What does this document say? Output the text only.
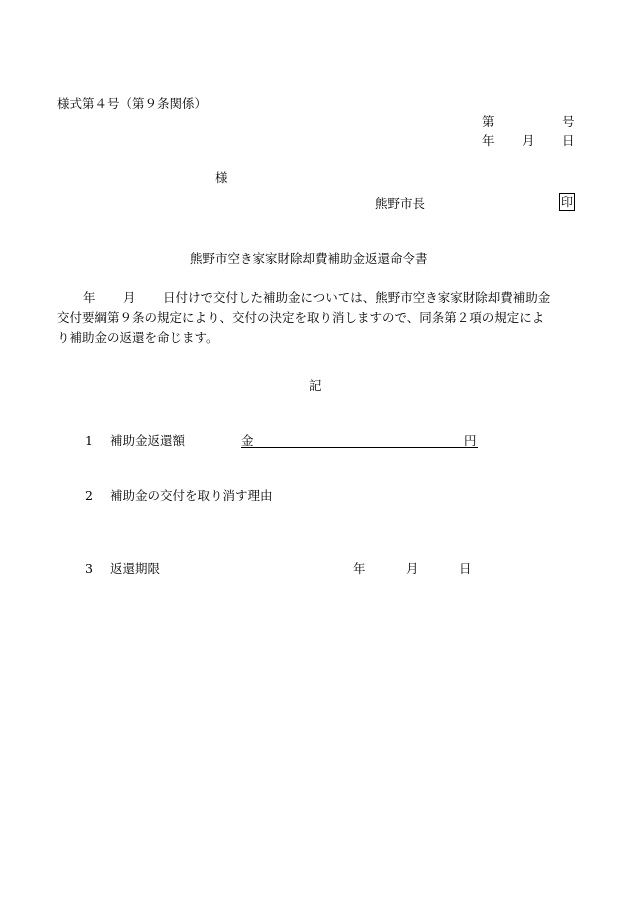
様式第４号（第９条関係）
第	号
年 月 日
様
熊野市長	印
熊野市空き家家財除却費補助金返還命令書
年 月 日付けで交付した補助金については、熊野市空き家家財除却費補助金
交付要綱第９条の規定により、交付の決定を取り消しますので、同条第２項の規定によ
り補助金の返還を命じます。
記
1 補助金返還額	金	円
2 補助金の交付を取り消す理由
3 返還期限	年	月	日
